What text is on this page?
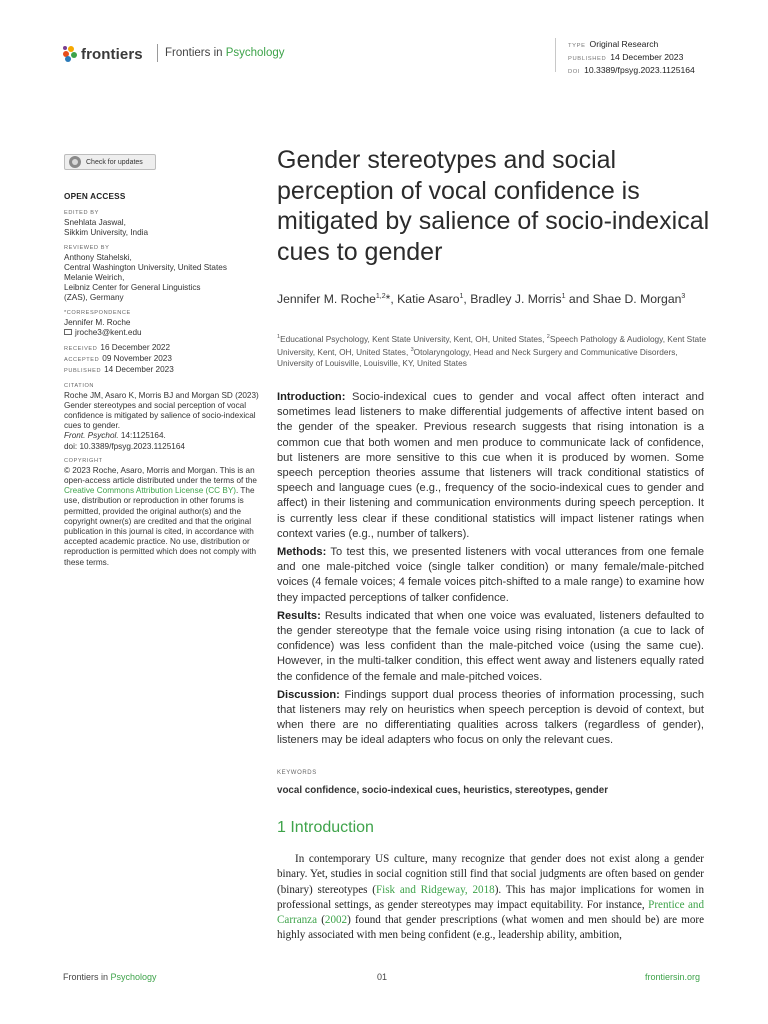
frontiers Frontiers in Psychology
TYPE Original Research
PUBLISHED 14 December 2023
DOI 10.3389/fpsyg.2023.1125164
Check for updates
OPEN ACCESS
EDITED BY
Snehlata Jaswal,
Sikkim University, India
REVIEWED BY
Anthony Stahelski,
Central Washington University, United States
Melanie Weirich,
Leibniz Center for General Linguistics
(ZAS), Germany
*CORRESPONDENCE
Jennifer M. Roche
jroche3@kent.edu
RECEIVED 16 December 2022
ACCEPTED 09 November 2023
PUBLISHED 14 December 2023
CITATION
Roche JM, Asaro K, Morris BJ and Morgan SD (2023) Gender stereotypes and social perception of vocal confidence is mitigated by salience of socio-indexical cues to gender.
Front. Psychol. 14:1125164.
doi: 10.3389/fpsyg.2023.1125164
COPYRIGHT
© 2023 Roche, Asaro, Morris and Morgan. This is an open-access article distributed under the terms of the Creative Commons Attribution License (CC BY). The use, distribution or reproduction in other forums is permitted, provided the original author(s) and the copyright owner(s) are credited and that the original publication in this journal is cited, in accordance with accepted academic practice. No use, distribution or reproduction is permitted which does not comply with these terms.
Gender stereotypes and social perception of vocal confidence is mitigated by salience of socio-indexical cues to gender
Jennifer M. Roche$^{1,2}$*, Katie Asaro$^1$, Bradley J. Morris$^1$ and Shae D. Morgan$^3$
$^1$Educational Psychology, Kent State University, Kent, OH, United States, $^2$Speech Pathology & Audiology, Kent State University, Kent, OH, United States, $^3$Otolaryngology, Head and Neck Surgery and Communicative Disorders, University of Louisville, Louisville, KY, United States

Introduction: Socio-indexical cues to gender and vocal affect often interact and sometimes lead listeners to make differential judgements of affective intent based on the gender of the speaker. Previous research suggests that rising intonation is a common cue that both women and men produce to communicate lack of confidence, but listeners are more sensitive to this cue when it is produced by women. Some speech perception theories assume that listeners will track conditional statistics of speech and language cues (e.g., frequency of the socio-indexical cues to gender and affect) in their listening and communication environments during speech perception. It is currently less clear if these conditional statistics will impact listener ratings when context varies (e.g., number of talkers).

Methods: To test this, we presented listeners with vocal utterances from one female and one male-pitched voice (single talker condition) or many female/male-pitched voices (4 female voices; 4 female voices pitch-shifted to a male range) to examine how they impacted perceptions of talker confidence.

Results: Results indicated that when one voice was evaluated, listeners defaulted to the gender stereotype that the female voice using rising intonation (a cue to lack of confidence) was less confident than the male-pitched voice (using the same cue). However, in the multi-talker condition, this effect went away and listeners equally rated the confidence of the female and male-pitched voices.

Discussion: Findings support dual process theories of information processing, such that listeners may rely on heuristics when speech perception is devoid of context, but when there are no differentiating qualities across talkers (regardless of gender), listeners may be ideal adapters who focus on only the relevant cues.

KEYWORDS
vocal confidence, socio-indexical cues, heuristics, stereotypes, gender
1 Introduction

In contemporary US culture, many recognize that gender does not exist along a gender binary. Yet, studies in social cognition still find that social judgments are often based on gender (binary) stereotypes (Fisk and Ridgeway, 2018). This has major implications for women in professional settings, as gender stereotypes may impact equitability. For instance, Prentice and Carranza (2002) found that gender prescriptions (what women and men should be) are more highly associated with men being confident (e.g., leadership ability, ambition,

Frontiers in Psychology	01	frontiersin.org
